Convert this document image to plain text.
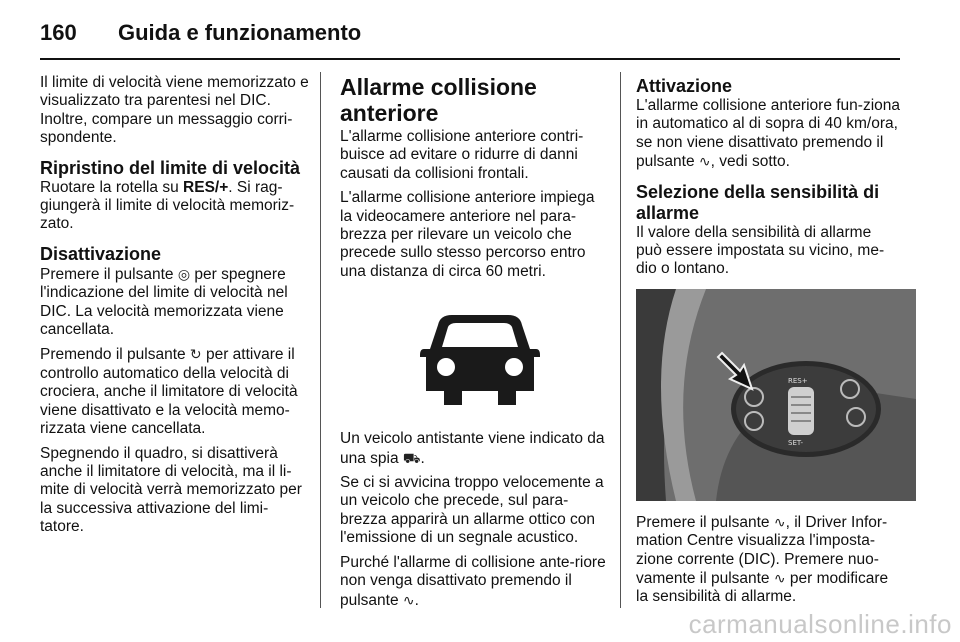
160 Guida e funzionamento

Il limite di velocità viene memorizzato e visualizzato tra parentesi nel DIC. Inoltre, compare un messaggio corri-spondente.

Ripristino del limite di velocità

Ruotare la rotella su RES/+. Si rag-giungerà il limite di velocità memoriz-zato.

Disattivazione

Premere il pulsante ◎ per spegnere l'indicazione del limite di velocità nel DIC. La velocità memorizzata viene cancellata.

Premendo il pulsante ↻ per attivare il controllo automatico della velocità di crociera, anche il limitatore di velocità viene disattivato e la velocità memo-rizzata viene cancellata.

Spegnendo il quadro, si disattiverà anche il limitatore di velocità, ma il li-mite di velocità verrà memorizzato per la successiva attivazione del limi-tatore.

Allarme collisione anteriore

L'allarme collisione anteriore contri-buisce ad evitare o ridurre di danni causati da collisioni frontali.

L'allarme collisione anteriore impiega la videocamere anteriore nel para-brezza per rilevare un veicolo che precede sullo stesso percorso entro una distanza di circa 60 metri.

Un veicolo antistante viene indicato da una spia ⛟.

Se ci si avvicina troppo velocemente a un veicolo che precede, sul para-brezza apparirà un allarme ottico con l'emissione di un segnale acustico.

Purché l'allarme di collisione ante-riore non venga disattivato premendo il pulsante ∿.

Attivazione

L'allarme collisione anteriore fun-ziona in automatico al di sopra di 40 km/ora, se non viene disattivato premendo il pulsante ∿, vedi sotto.

Selezione della sensibilità di allarme

Il valore della sensibilità di allarme può essere impostata su vicino, me-dio o lontano.

RES+
SET-

Premere il pulsante ∿, il Driver Infor-mation Centre visualizza l'imposta-zione corrente (DIC). Premere nuo-vamente il pulsante ∿ per modificare la sensibilità di allarme.

carmanualsonline.info
